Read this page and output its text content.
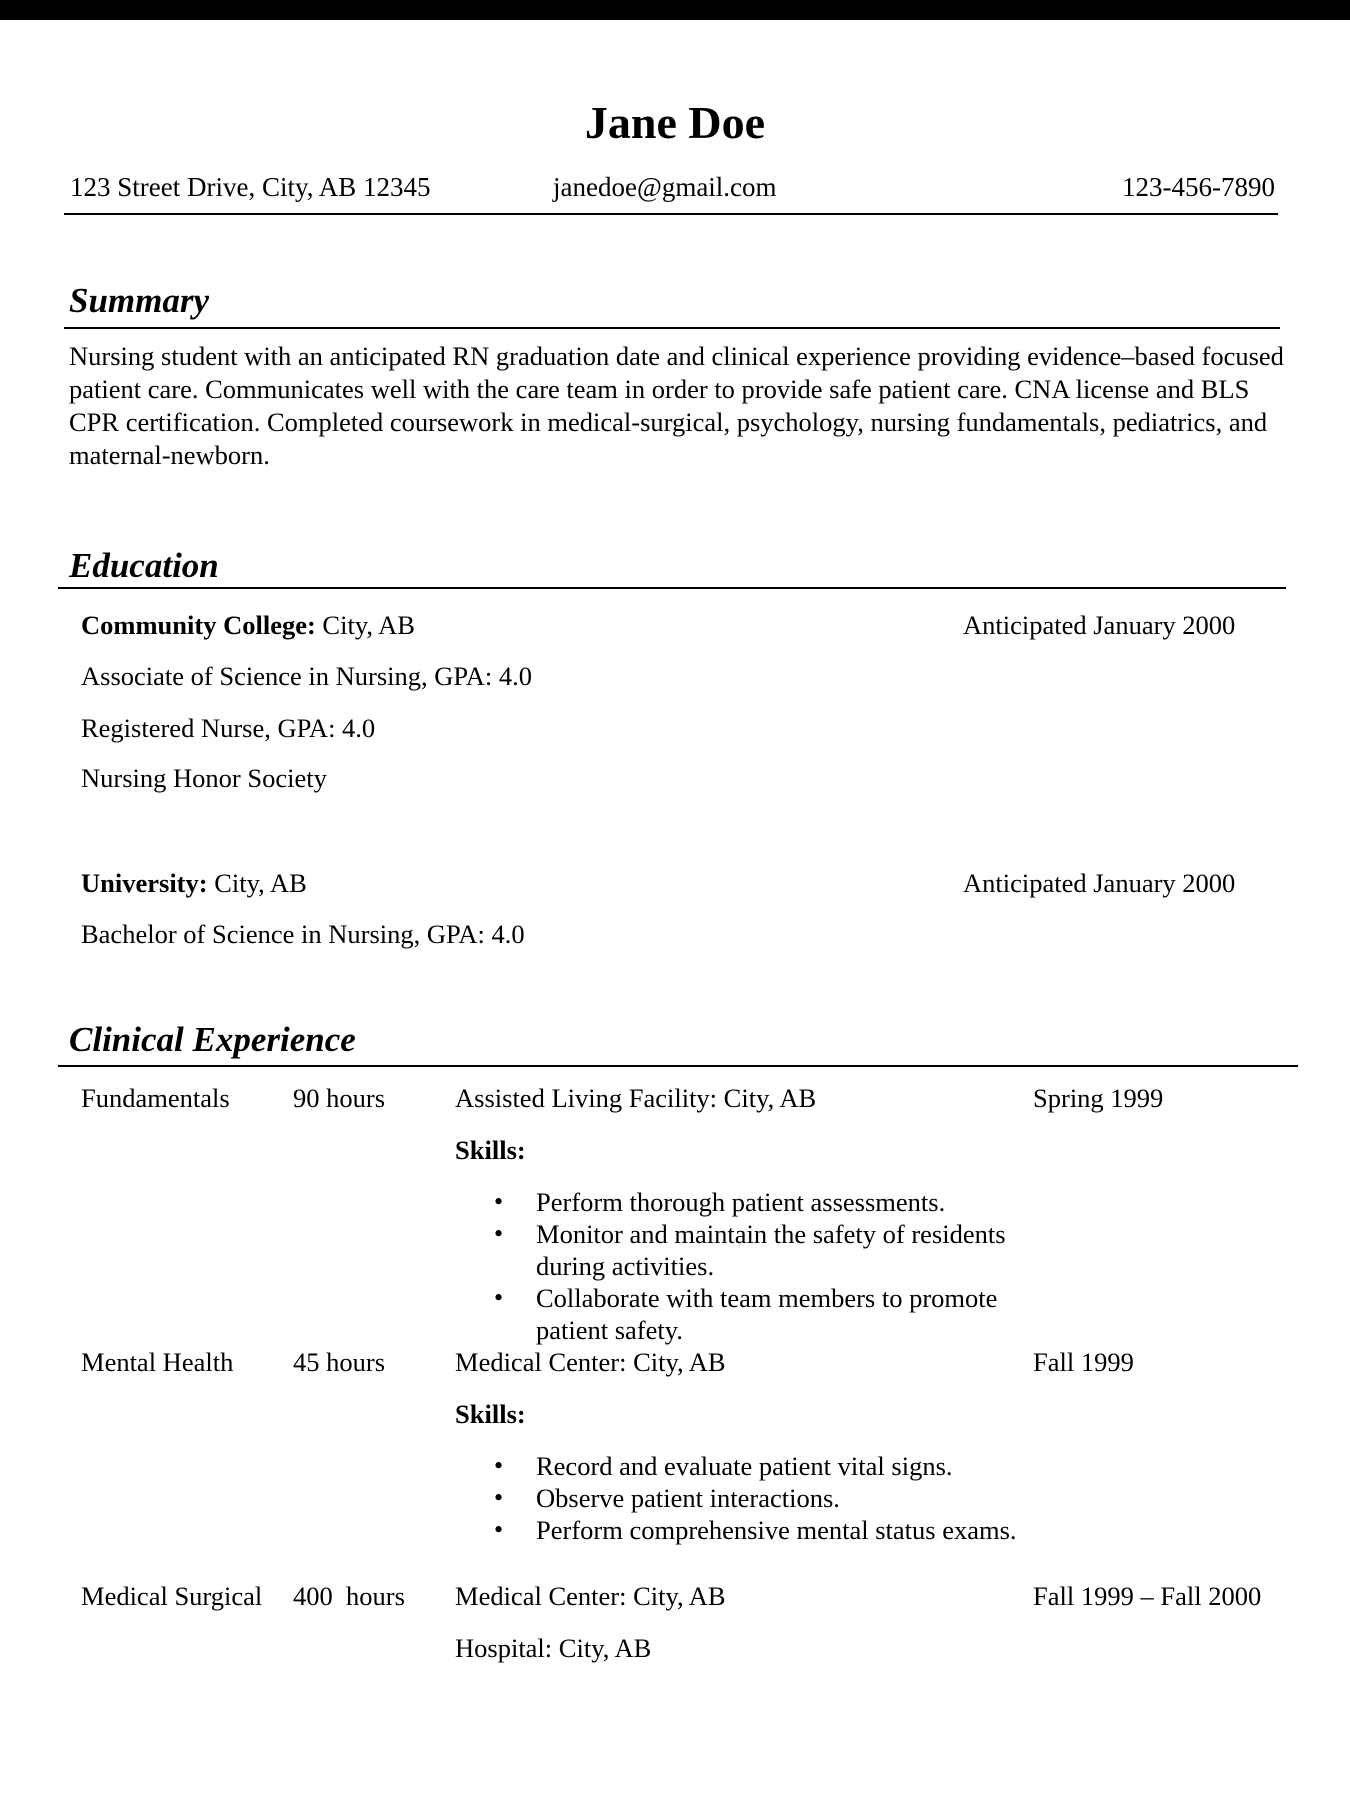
Jane Doe
123 Street Drive, City, AB 12345	janedoe@gmail.com	123-456-7890
Summary

Nursing student with an anticipated RN graduation date and clinical experience providing evidence–based focused patient care. Communicates well with the care team in order to provide safe patient care. CNA license and BLS CPR certification. Completed coursework in medical-surgical, psychology, nursing fundamentals, pediatrics, and maternal-newborn.

Education
Community College: City, AB	Anticipated January 2000
Associate of Science in Nursing, GPA: 4.0
Registered Nurse, GPA: 4.0
Nursing Honor Society
University: City, AB	Anticipated January 2000
Bachelor of Science in Nursing, GPA: 4.0
Clinical Experience
Fundamentals 90 hours	Assisted Living Facility: City, AB	Spring 1999
Skills:
• Perform thorough patient assessments.
• Monitor and maintain the safety of residents during activities.
• Collaborate with team members to promote patient safety.
Mental Health 45 hours	Medical Center: City, AB	Fall 1999
Skills:
• Record and evaluate patient vital signs.
• Observe patient interactions.
• Perform comprehensive mental status exams.
Medical Surgical 400  hours Medical Center: City, AB	Fall 1999 – Fall 2000
Hospital: City, AB
